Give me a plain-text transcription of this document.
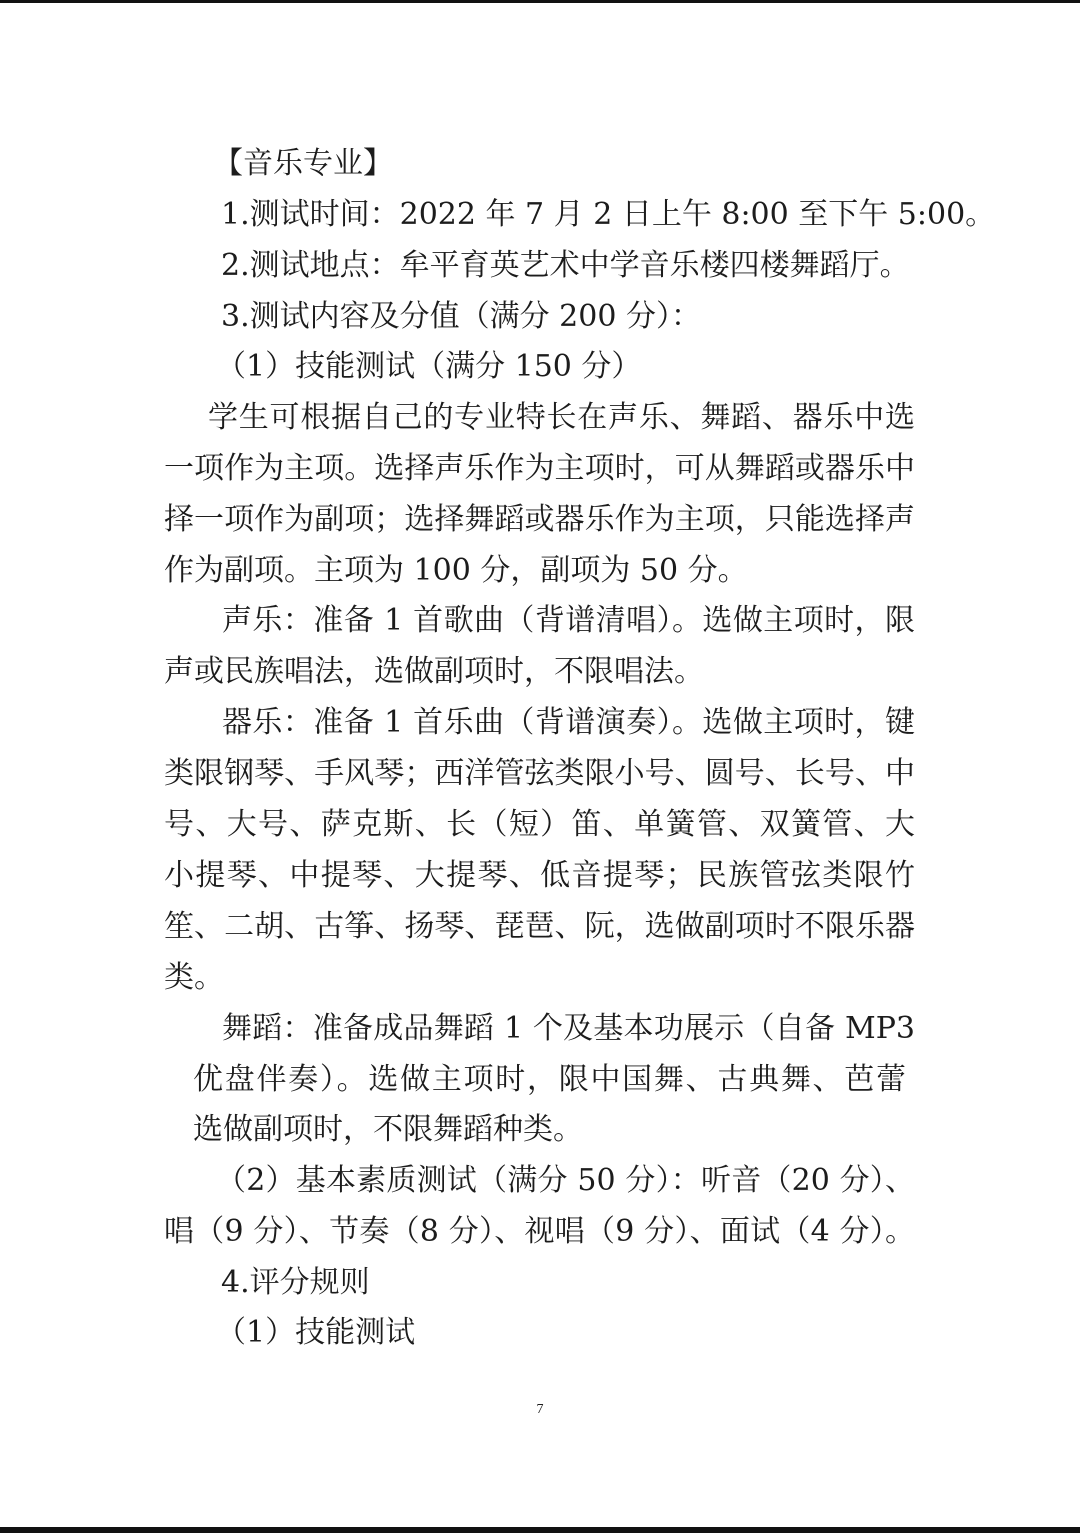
【音乐专业】
1.测试时间：2022 年 7 月 2 日上午 8:00 至下午 5:00。
2.测试地点：牟平育英艺术中学音乐楼四楼舞蹈厅。
3.测试内容及分值（满分 200 分）：
（1）技能测试（满分 150 分）
学生可根据自己的专业特长在声乐、舞蹈、器乐中选
一项作为主项。选择声乐作为主项时，可从舞蹈或器乐中
择一项作为副项；选择舞蹈或器乐作为主项，只能选择声
作为副项。主项为 100 分，副项为 50 分。
声乐：准备 1 首歌曲（背谱清唱）。选做主项时，限
声或民族唱法，选做副项时，不限唱法。
器乐：准备 1 首乐曲（背谱演奏）。选做主项时，键
类限钢琴、手风琴；西洋管弦类限小号、圆号、长号、中
号、大号、萨克斯、长（短）笛、单簧管、双簧管、大
小提琴、中提琴、大提琴、低音提琴；民族管弦类限竹
笙、二胡、古筝、扬琴、琵琶、阮，选做副项时不限乐器
类。
舞蹈：准备成品舞蹈 1 个及基本功展示（自备 MP3
优盘伴奏）。选做主项时，限中国舞、古典舞、芭蕾
选做副项时，不限舞蹈种类。
（2）基本素质测试（满分 50 分）：听音（20 分）、
唱（9 分）、节奏（8 分）、视唱（9 分）、面试（4 分）。
4.评分规则
（1）技能测试
7
